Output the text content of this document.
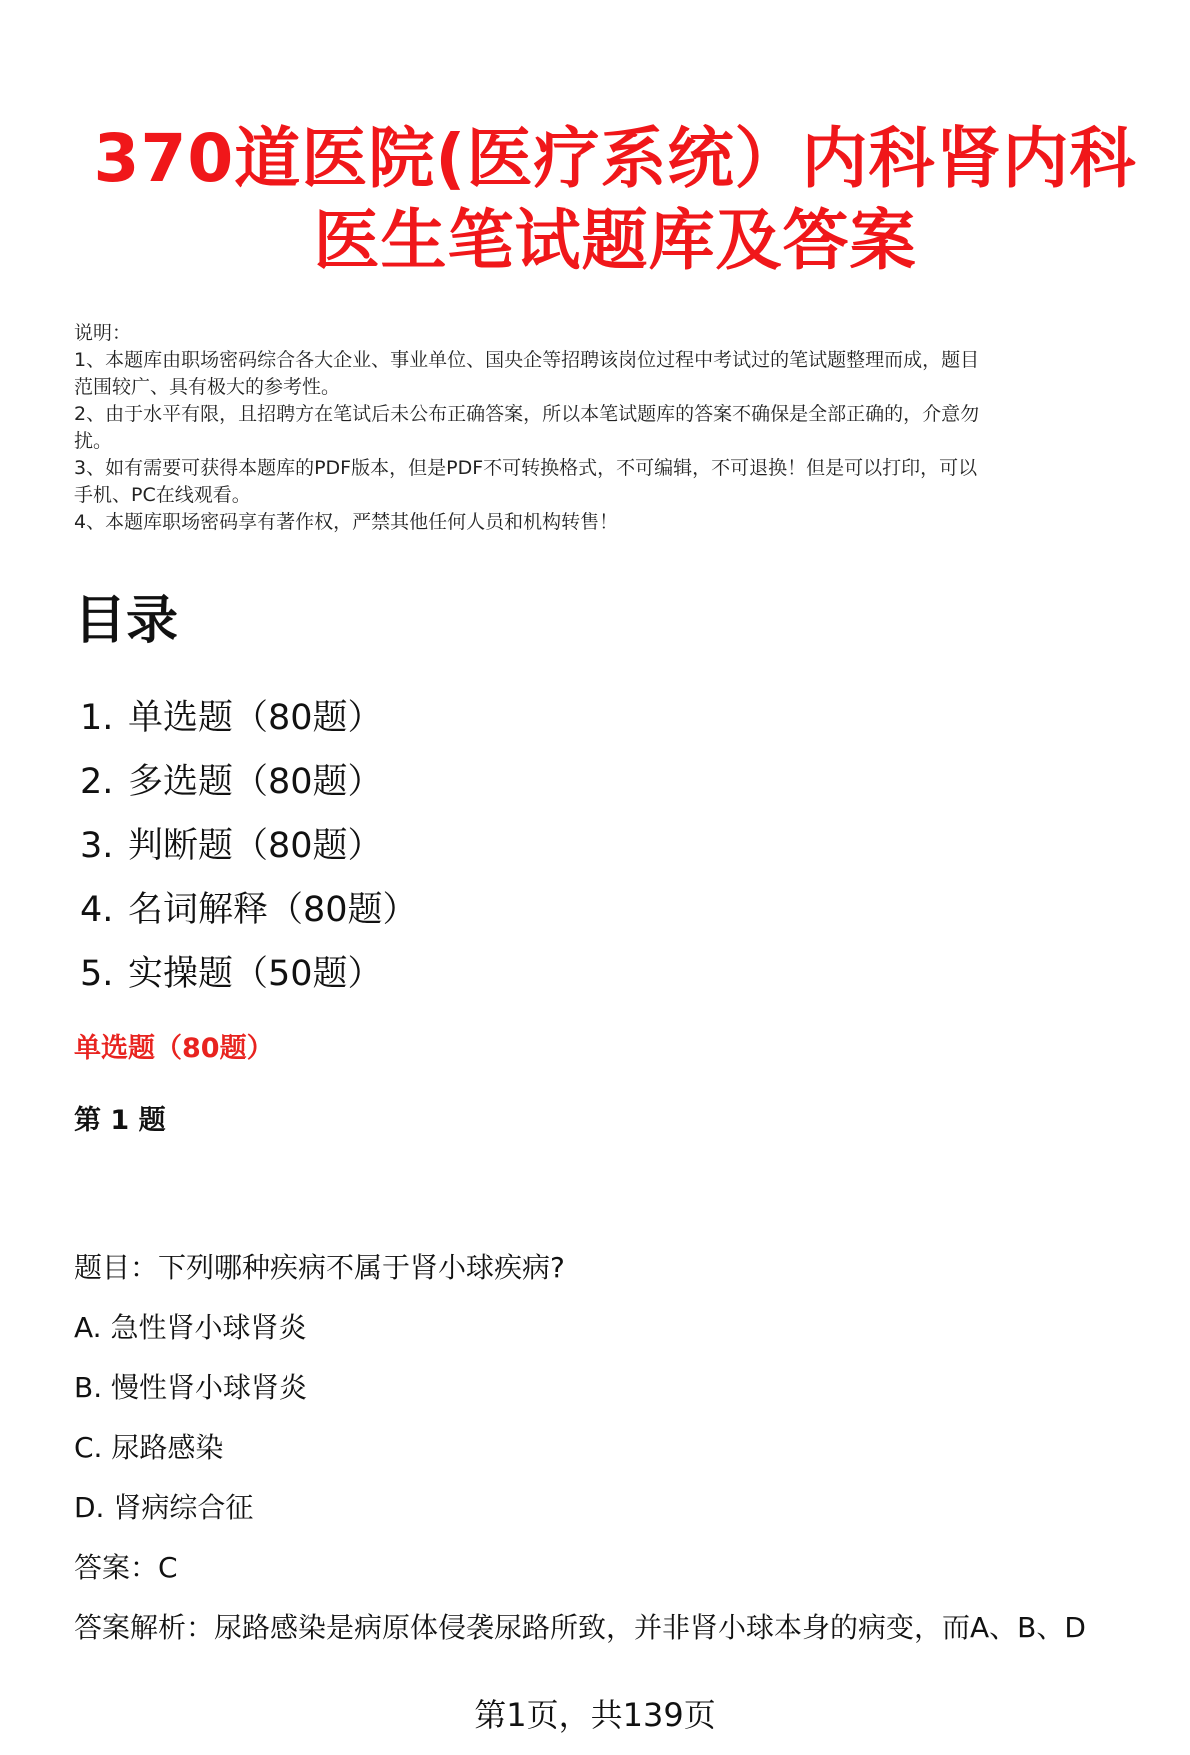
370道医院(医疗系统）内科肾内科
医生笔试题库及答案

说明：

1、本题库由职场密码综合各大企业、事业单位、国央企等招聘该岗位过程中考试过的笔试题整理而成，题目

范围较广、具有极大的参考性。

2、由于水平有限，且招聘方在笔试后未公布正确答案，所以本笔试题库的答案不确保是全部正确的，介意勿

扰。

3、如有需要可获得本题库的PDF版本，但是PDF不可转换格式，不可编辑，不可退换！但是可以打印，可以

手机、PC在线观看。

4、本题库职场密码享有著作权，严禁其他任何人员和机构转售！

目录
1. 单选题（80题）
2. 多选题（80题）
3. 判断题（80题）
4. 名词解释（80题）
5. 实操题（50题）
单选题（80题）
第 1 题
题目：下列哪种疾病不属于肾小球疾病?
A. 急性肾小球肾炎
B. 慢性肾小球肾炎
C. 尿路感染
D. 肾病综合征
答案：C
答案解析：尿路感染是病原体侵袭尿路所致，并非肾小球本身的病变，而A、B、D
第1页，共139页
